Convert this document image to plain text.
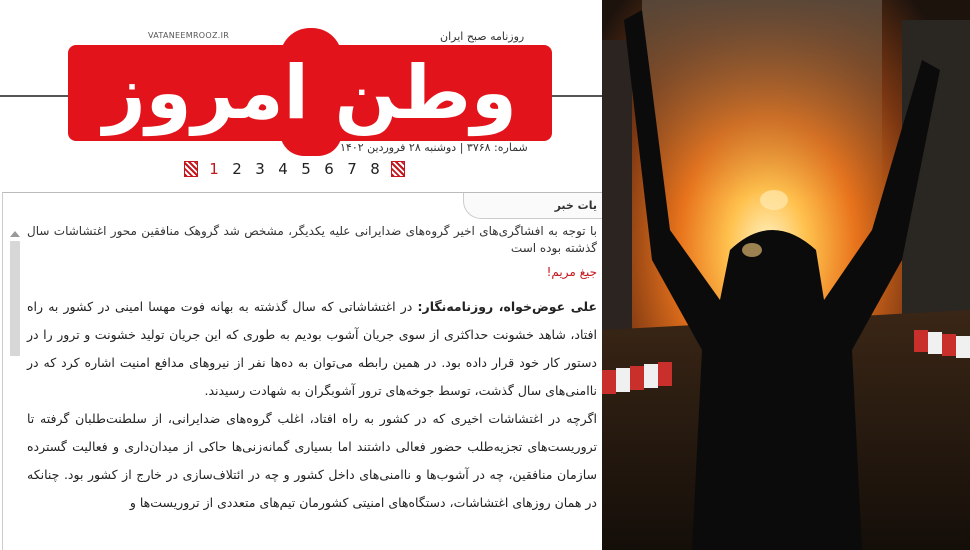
VATANEEMROOZ.IR	روزنامه صبح ایران
وطن امروز
شماره: ۳۷۶۸ | دوشنبه ۲۸ فروردین ۱۴۰۲
1 2 3 4 5 6 7 8
یات خبر

با توجه به افشاگری‌های اخیر گروه‌های ضدایرانی علیه یکدیگر، مشخص شد گروهک منافقین محور اغتشاشات سال گذشته بوده است

جیغ مریم!

علی عوض‌خواه، روزنامه‌نگار: در اغتشاشاتی که سال گذشته به بهانه فوت مهسا امینی در کشور به راه افتاد، شاهد خشونت حداکثری از سوی جریان آشوب بودیم به طوری که این جریان تولید خشونت و ترور را در دستور کار خود قرار داده بود. در همین رابطه می‌توان به ده‌ها نفر از نیروهای مدافع امنیت اشاره کرد که در ناامنی‌های سال گذشت، توسط جوخه‌های ترور آشوبگران به شهادت رسیدند.

اگرچه در اغتشاشات اخیری که در کشور به راه افتاد، اغلب گروه‌های ضدایرانی، از سلطنت‌طلبان گرفته تا تروریست‌های تجزیه‌طلب حضور فعالی داشتند اما بسیاری گمانه‌زنی‌ها حاکی از میدان‌داری و فعالیت گسترده سازمان منافقین، چه در آشوب‌ها و ناامنی‌های داخل کشور و چه در ائتلاف‌سازی در خارج از کشور بود. چنانکه در همان روزهای اغتشاشات، دستگاه‌های امنیتی کشورمان تیم‌های متعددی از تروریست‌ها و
